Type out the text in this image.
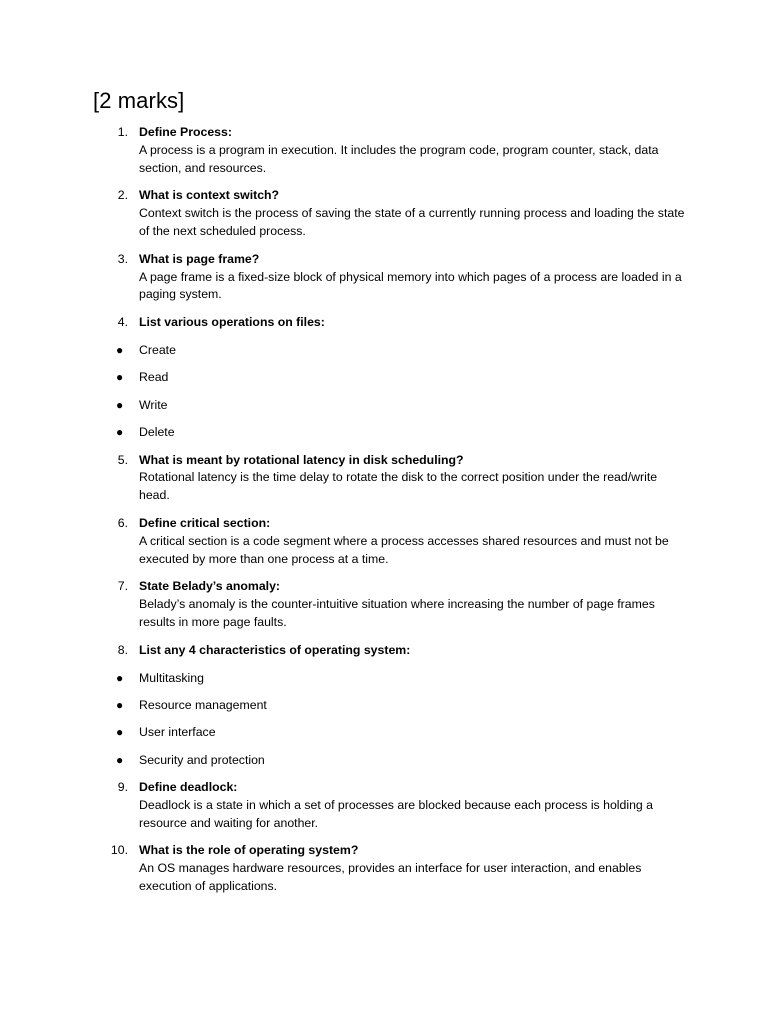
[2 marks]
1. Define Process:
A process is a program in execution. It includes the program code, program counter, stack, data section, and resources.
2. What is context switch?
Context switch is the process of saving the state of a currently running process and loading the state of the next scheduled process.
3. What is page frame?
A page frame is a fixed-size block of physical memory into which pages of a process are loaded in a paging system.
4. List various operations on files:
● Create
● Read
● Write
● Delete
5. What is meant by rotational latency in disk scheduling?
Rotational latency is the time delay to rotate the disk to the correct position under the read/write head.
6. Define critical section:
A critical section is a code segment where a process accesses shared resources and must not be executed by more than one process at a time.
7. State Belady’s anomaly:
Belady’s anomaly is the counter-intuitive situation where increasing the number of page frames results in more page faults.
8. List any 4 characteristics of operating system:
● Multitasking
● Resource management
● User interface
● Security and protection
9. Define deadlock:
Deadlock is a state in which a set of processes are blocked because each process is holding a resource and waiting for another.
10. What is the role of operating system?
An OS manages hardware resources, provides an interface for user interaction, and enables execution of applications.
